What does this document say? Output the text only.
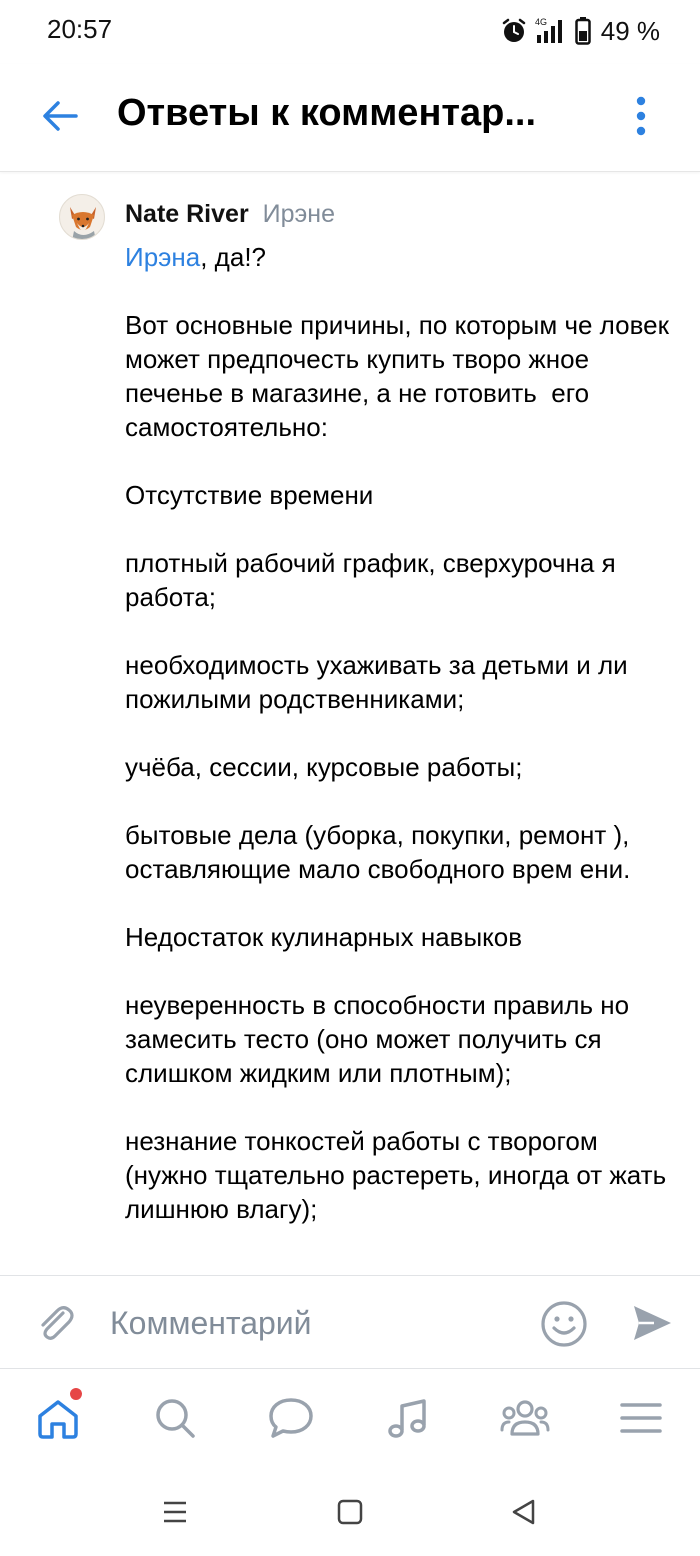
20:57	4G 49 %
Ответы к комментар...
Nate River Ирэне
Ирэна, да!?

Вот основные причины, по которым че ловек может предпочесть купить творо жное печенье в магазине, а не готовить  его самостоятельно:

Отсутствие времени

плотный рабочий график, сверхурочна я работа;

необходимость ухаживать за детьми и ли пожилыми родственниками;

учёба, сессии, курсовые работы;

бытовые дела (уборка, покупки, ремонт ), оставляющие мало свободного врем ени.

Недостаток кулинарных навыков

неуверенность в способности правиль но замесить тесто (оно может получить ся слишком жидким или плотным);

незнание тонкостей работы с творогом  (нужно тщательно растереть, иногда от жать лишнюю влагу);
Комментарий
